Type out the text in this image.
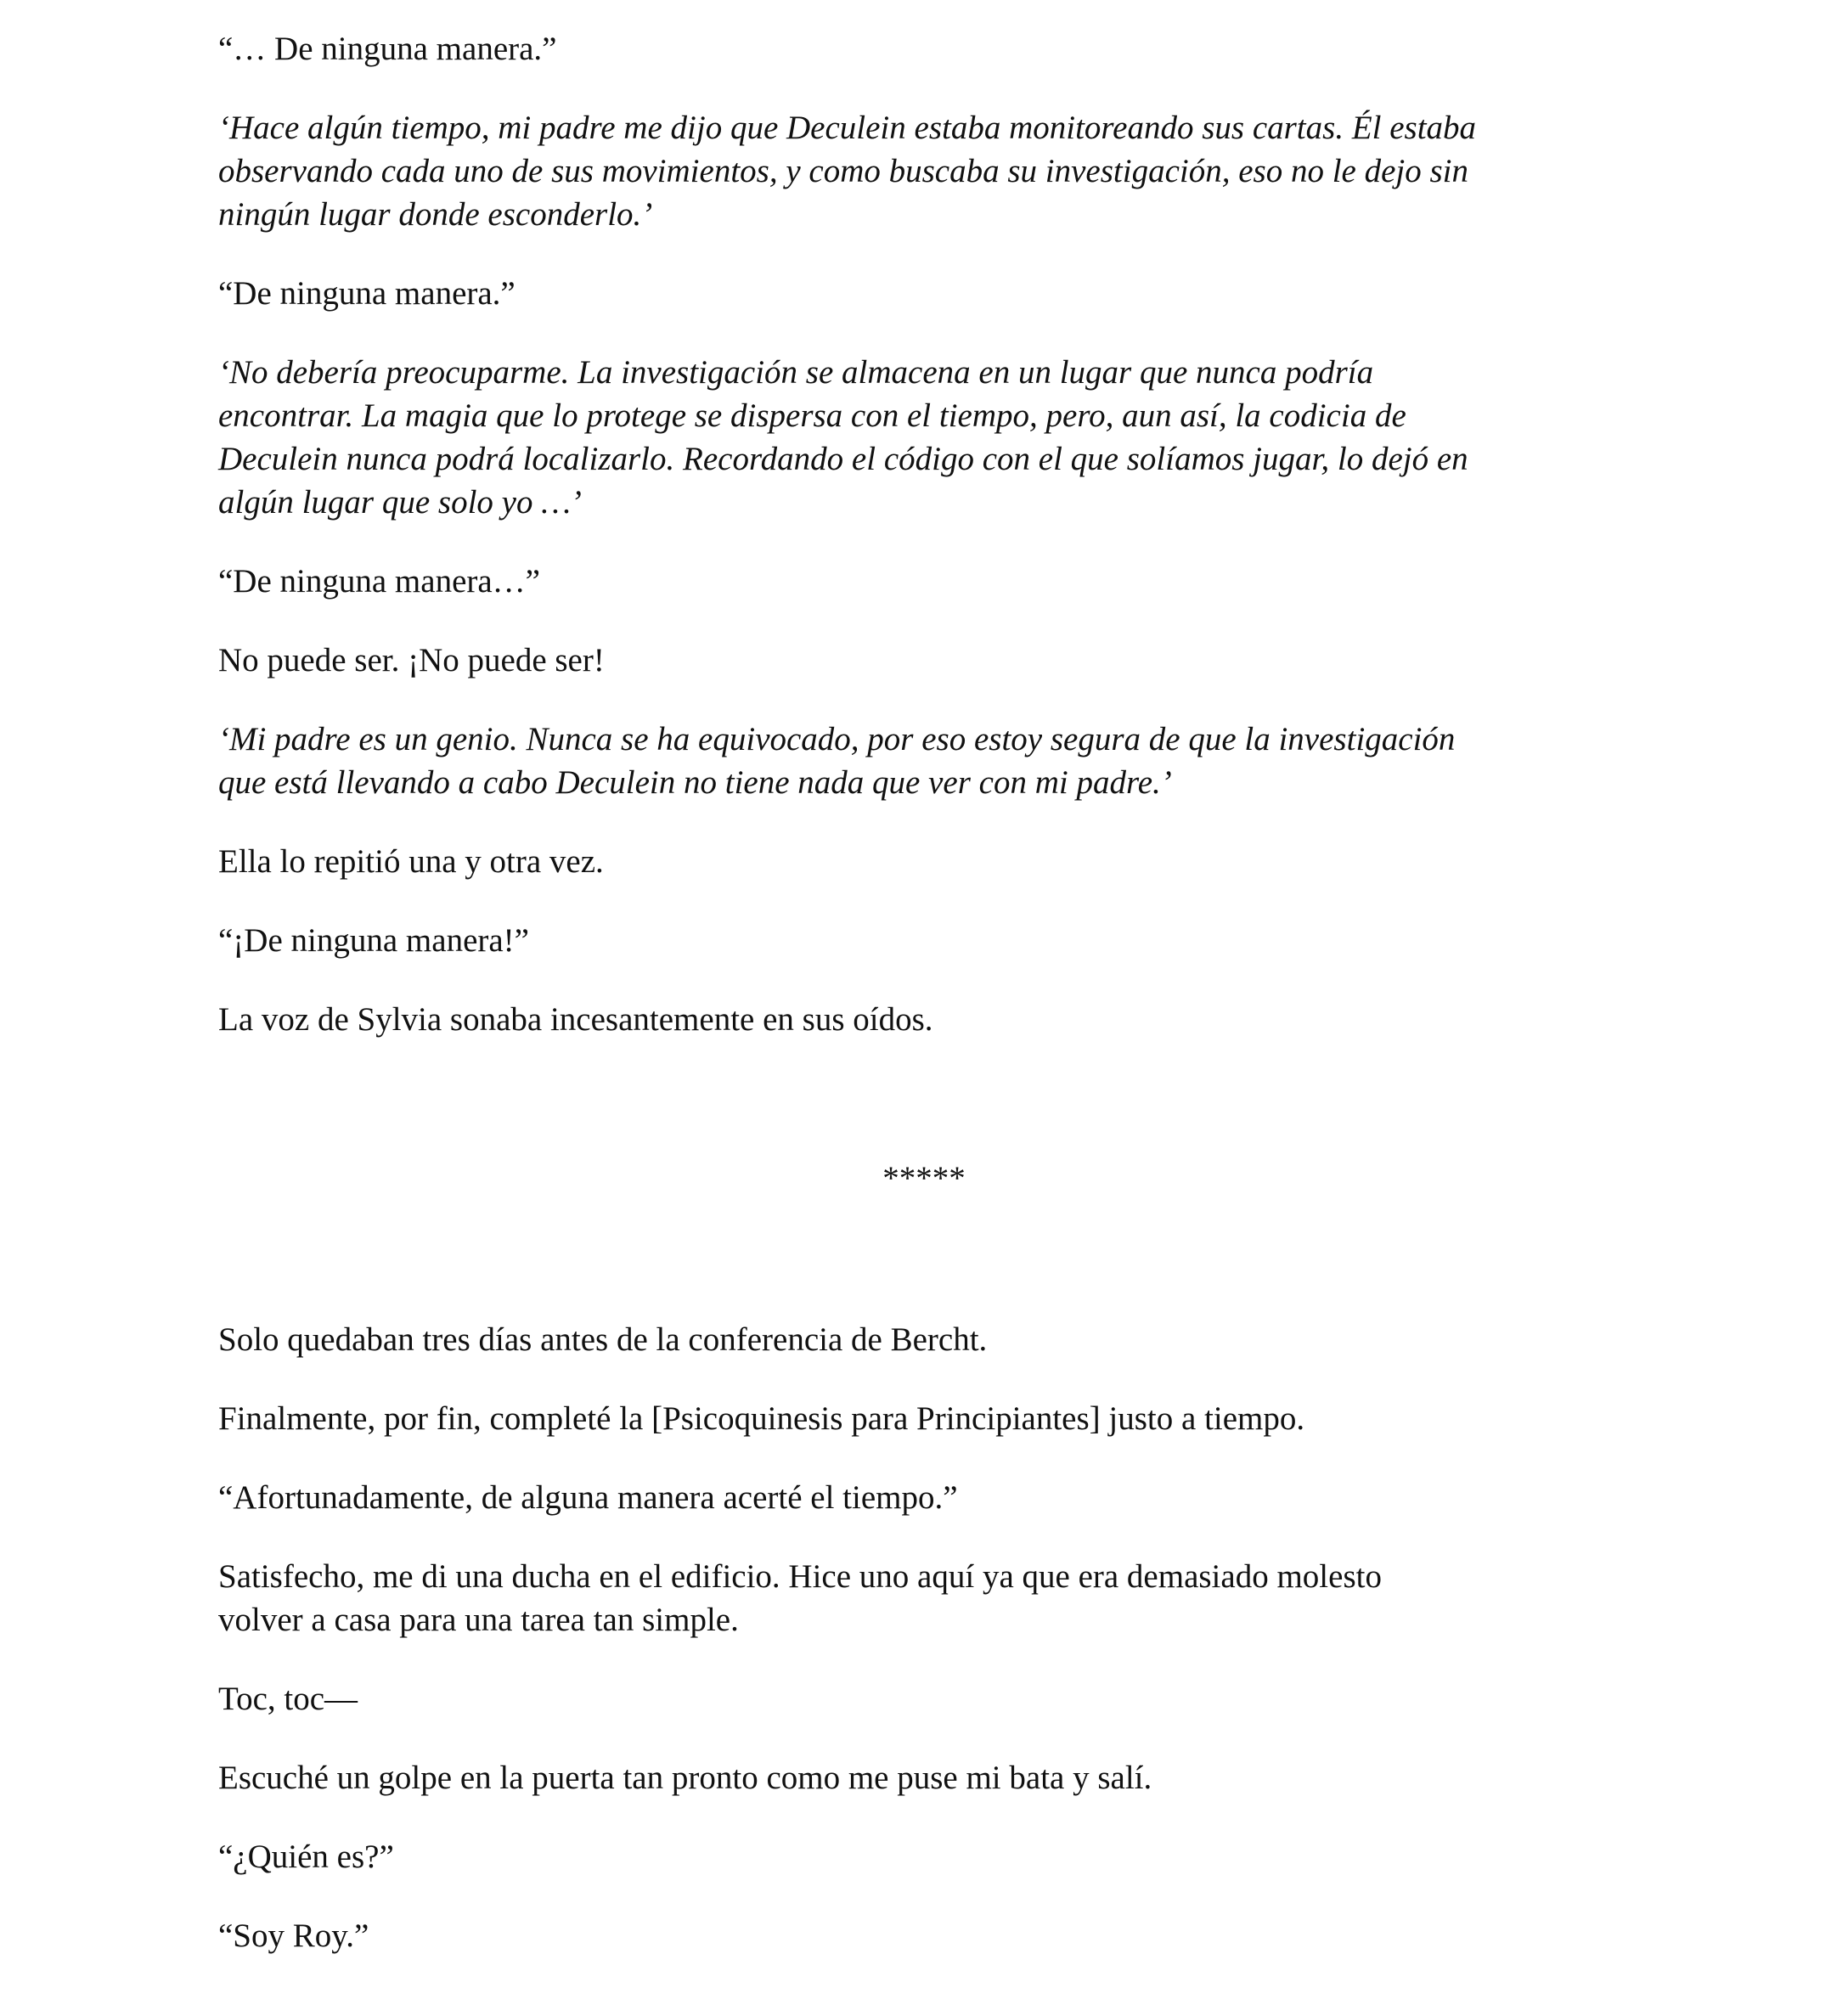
“… De ninguna manera.”

‘Hace algún tiempo, mi padre me dijo que Deculein estaba monitoreando sus cartas. Él estaba
observando cada uno de sus movimientos, y como buscaba su investigación, eso no le dejo sin
ningún lugar donde esconderlo.’

“De ninguna manera.”

‘No debería preocuparme. La investigación se almacena en un lugar que nunca podría
encontrar. La magia que lo protege se dispersa con el tiempo, pero, aun así, la codicia de
Deculein nunca podrá localizarlo. Recordando el código con el que solíamos jugar, lo dejó en
algún lugar que solo yo …’

“De ninguna manera…”

No puede ser. ¡No puede ser!

‘Mi padre es un genio. Nunca se ha equivocado, por eso estoy segura de que la investigación
que está llevando a cabo Deculein no tiene nada que ver con mi padre.’

Ella lo repitió una y otra vez.

“¡De ninguna manera!”

La voz de Sylvia sonaba incesantemente en sus oídos.

*****

Solo quedaban tres días antes de la conferencia de Bercht.

Finalmente, por fin, completé la [Psicoquinesis para Principiantes] justo a tiempo.

“Afortunadamente, de alguna manera acerté el tiempo.”

Satisfecho, me di una ducha en el edificio. Hice uno aquí ya que era demasiado molesto
volver a casa para una tarea tan simple.

Toc, toc—

Escuché un golpe en la puerta tan pronto como me puse mi bata y salí.

“¿Quién es?”

“Soy Roy.”
